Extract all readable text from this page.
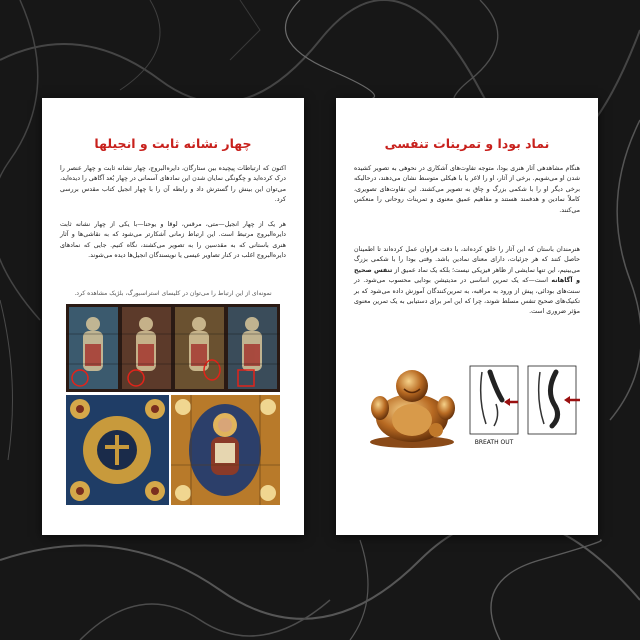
چهار نشانه ثابت و انجیلها

اکنون که ارتباطات پیچیده بین ستارگان، دایره‌البروج، چهار نشانه ثابت و چهار عنصر را درک کرده‌اید و چگونگی نمایان شدن این نمادهای آسمانی در چهار بُعد آگاهی را دیده‌اید، می‌توان این بینش را گسترش داد و رابطه آن را با چهار انجیل کتاب مقدس بررسی کرد.

هر یک از چهار انجیل—متی، مرقس، لوقا و یوحنا—با یکی از چهار نشانه ثابت دایره‌البروج مرتبط است. این ارتباط زمانی آشکارتر می‌شود که به نقاشی‌ها و آثار هنری باستانی که به مقدسین را به تصویر می‌کشند، نگاه کنیم. جایی که نمادهای دایره‌البروج اغلب در کنار تصاویر عیسی یا نویسندگان انجیل‌ها دیده می‌شوند.

نمونه‌ای از این ارتباط را می‌توان در کلیسای استراسبورگ، بلژیک مشاهده کرد.
نماد بودا و تمرینات تنفسی

هنگام مشاهدهی آثار هنری بودا، متوجه تفاوت‌های آشکاری در نحوهی به تصویر کشیده شدن او می‌شویم. برخی از آثار، او را لاغر یا با هیکلی متوسط نشان می‌دهند، درحالیکه برخی دیگر او را با شکمی بزرگ و چاق به تصویر می‌کشند. این تفاوت‌های تصویری، کاملاً نمادین و هدفمند هستند و مفاهیم عمیق معنوی و تمرینات روحانی را منعکس می‌کنند.

هنرمندان باستان که این آثار را خلق کرده‌اند، با دقت فراوان عمل کرده‌اند تا اطمینان حاصل کنند که هر جزئیات، دارای معنای نمادین باشد. وقتی بودا را با شکمی بزرگ می‌بینیم، این تنها نمایشی از ظاهر فیزیکی نیست؛ بلکه یک نماد عمیق از تنفس صحیح و آگاهانه است—که یک تمرین اساسی در مدیتیشن بودایی محسوب می‌شود. در سنت‌های بودائی، پیش از ورود به مراقبه، به تمرین‌کنندگان آموزش داده می‌شود که بر تکنیک‌های صحیح تنفس مسلط شوند، چرا که این امر برای دستیابی به یک تمرین معنوی مؤثر ضروری است.

BREATH OUT
